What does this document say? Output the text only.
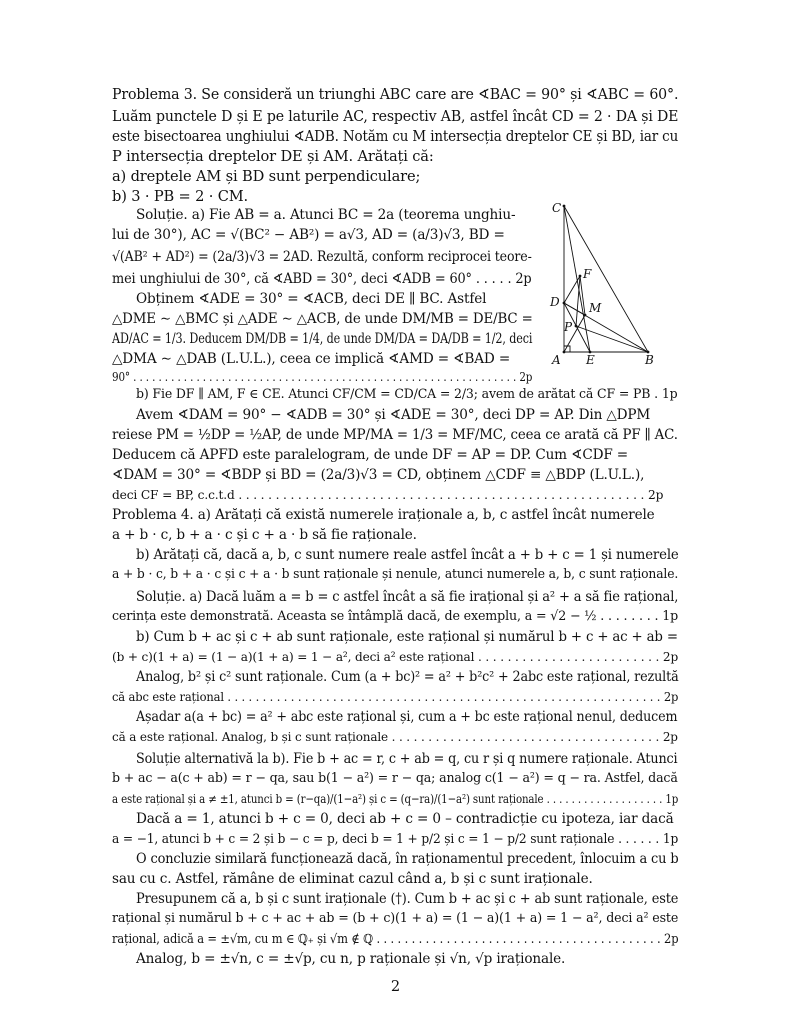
Problema 3. Se consideră un triunghi ABC care are ∢BAC = 90° și ∢ABC = 60°.
Luăm punctele D și E pe laturile AC, respectiv AB, astfel încât CD = 2 · DA și DE
este bisectoarea unghiului ∢ADB. Notăm cu M intersecția dreptelor CE și BD, iar cu
P intersecția dreptelor DE și AM. Arătați că:
a) dreptele AM și BD sunt perpendiculare;
b) 3 · PB = 2 · CM.
Soluție. a) Fie AB = a. Atunci BC = 2a (teorema unghiu-
lui de 30°), AC = √(BC² − AB²) = a√3, AD = (a/3)√3, BD =
√(AB² + AD²) = (2a/3)√3 = 2AD. Rezultă, conform reciprocei teore-
mei unghiului de 30°, că ∢ABD = 30°, deci ∢ADB = 60° . . . . . 2p
Obținem ∢ADE = 30° = ∢ACB, deci DE ∥ BC. Astfel
△DME ∼ △BMC și △ADE ∼ △ACB, de unde DM/MB = DE/BC =
AD/AC = 1/3. Deducem DM/DB = 1/4, de unde DM/DA = DA/DB = 1/2, deci
△DMA ∼ △DAB (L.U.L.), ceea ce implică ∢AMD = ∢BAD =
90° . . . . . . . . . . . . . . . . . . . . . . . . . . . . . . . . . . . . . . . . . . . . . . . . . . . . . . . . . . . . . 2p
b) Fie DF ∥ AM, F ∈ CE. Atunci CF/CM = CD/CA = 2/3; avem de arătat că CF = PB . 1p
Avem ∢DAM = 90° − ∢ADB = 30° și ∢ADE = 30°, deci DP = AP. Din △DPM
reiese PM = ½DP = ½AP, de unde MP/MA = 1/3 = MF/MC, ceea ce arată că PF ∥ AC.
Deducem că APFD este paralelogram, de unde DF = AP = DP. Cum ∢CDF =
∢DAM = 30° = ∢BDP și BD = (2a/3)√3 = CD, obținem △CDF ≡ △BDP (L.U.L.),
deci CF = BP, c.c.t.d . . . . . . . . . . . . . . . . . . . . . . . . . . . . . . . . . . . . . . . . . . . . . . . . . . . . . . . 2p
C
F
D M
P
A E	B
Problema 4. a) Arătați că există numerele iraționale a, b, c astfel încât numerele
a + b · c, b + a · c și c + a · b să fie raționale.
b) Arătați că, dacă a, b, c sunt numere reale astfel încât a + b + c = 1 și numerele
a + b · c, b + a · c și c + a · b sunt raționale și nenule, atunci numerele a, b, c sunt raționale.
Soluție. a) Dacă luăm a = b = c astfel încât a să fie irațional și a² + a să fie rațional,
cerința este demonstrată. Aceasta se întâmplă dacă, de exemplu, a = √2 − ½ . . . . . . . . 1p
b) Cum b + ac și c + ab sunt raționale, este rațional și numărul b + c + ac + ab =
(b + c)(1 + a) = (1 − a)(1 + a) = 1 − a², deci a² este rațional . . . . . . . . . . . . . . . . . . . . . . . . . 2p
Analog, b² și c² sunt raționale. Cum (a + bc)² = a² + b²c² + 2abc este rațional, rezultă
că abc este rațional . . . . . . . . . . . . . . . . . . . . . . . . . . . . . . . . . . . . . . . . . . . . . . . . . . . . . . . . . . . . . . 2p
Așadar a(a + bc) = a² + abc este rațional și, cum a + bc este rațional nenul, deducem
că a este rațional. Analog, b și c sunt raționale . . . . . . . . . . . . . . . . . . . . . . . . . . . . . . . . . . . . . 2p
Soluție alternativă la b). Fie b + ac = r, c + ab = q, cu r și q numere raționale. Atunci
b + ac − a(c + ab) = r − qa, sau b(1 − a²) = r − qa; analog c(1 − a²) = q − ra. Astfel, dacă
a este rațional și a ≠ ±1, atunci b = (r−qa)/(1−a²) și c = (q−ra)/(1−a²) sunt raționale . . . . . . . . . . . . . . . . . . . 1p
Dacă a = 1, atunci b + c = 0, deci ab + c = 0 – contradicție cu ipoteza, iar dacă
a = −1, atunci b + c = 2 și b − c = p, deci b = 1 + p/2 și c = 1 − p/2 sunt raționale . . . . . . 1p
O concluzie similară funcționează dacă, în raționamentul precedent, înlocuim a cu b
sau cu c. Astfel, rămâne de eliminat cazul când a, b și c sunt iraționale.
Presupunem că a, b și c sunt iraționale (†). Cum b + ac și c + ab sunt raționale, este
rațional și numărul b + c + ac + ab = (b + c)(1 + a) = (1 − a)(1 + a) = 1 − a², deci a² este
rațional, adică a = ±√m, cu m ∈ ℚ₊ și √m ∉ ℚ . . . . . . . . . . . . . . . . . . . . . . . . . . . . . . . . . . . . . . . . . 2p
Analog, b = ±√n, c = ±√p, cu n, p raționale și √n, √p iraționale.
2
